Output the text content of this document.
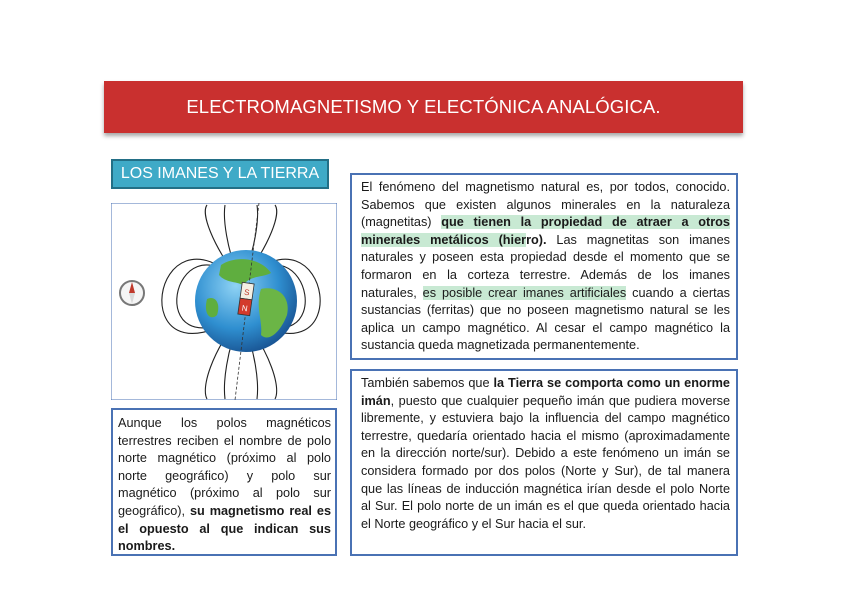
ELECTROMAGNETISMO Y ELECTÓNICA ANALÓGICA.
LOS IMANES Y LA TIERRA
S
N
El fenómeno del magnetismo natural es, por todos, conocido. Sabemos que existen algunos minerales en la naturaleza (magnetitas) que tienen la propiedad de atraer a otros minerales metálicos (hierro). Las magnetitas son imanes naturales y poseen esta propiedad desde el momento que se formaron en la corteza terrestre. Además de los imanes naturales, es posible crear imanes artificiales cuando a ciertas sustancias (ferritas) que no poseen magnetismo natural se les aplica un campo magnético. Al cesar el campo magnético la sustancia queda magnetizada permanentemente.
También sabemos que la Tierra se comporta como un enorme imán, puesto que cualquier pequeño imán que pudiera moverse libremente, y estuviera bajo la influencia del campo magnético terrestre, quedaría orientado hacia el mismo (aproximadamente en la dirección norte/sur). Debido a este fenómeno un imán se considera formado por dos polos (Norte y Sur), de tal manera que las líneas de inducción magnética irían desde el polo Norte al Sur. El polo norte de un imán es el que queda orientado hacia el Norte geográfico y el Sur hacia el sur.
Aunque los polos magnéticos terrestres reciben el nombre de polo norte magnético (próximo al polo norte geográfico) y polo sur magnético (próximo al polo sur geográfico), su magnetismo real es el opuesto al que indican sus nombres.
